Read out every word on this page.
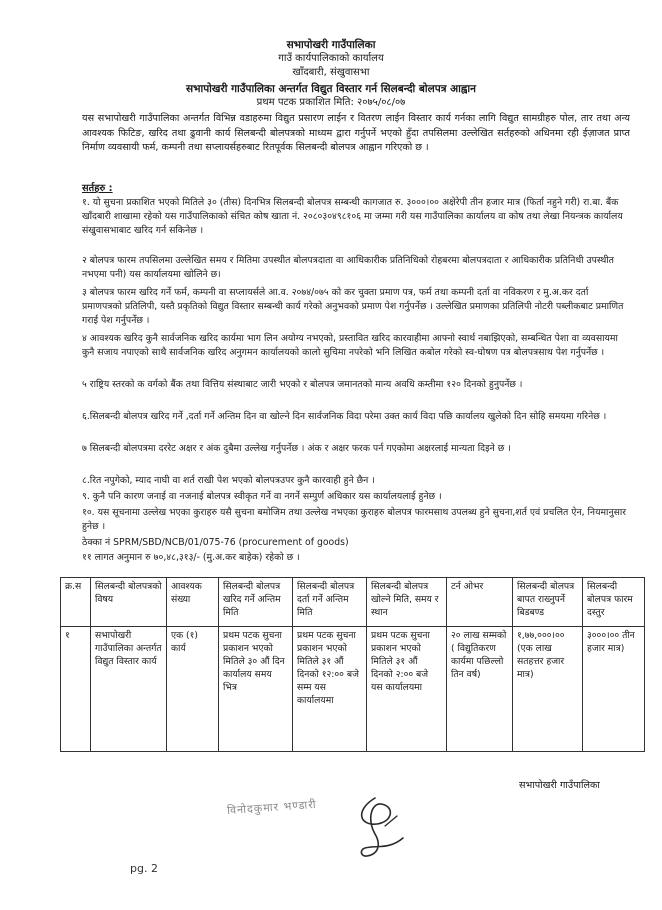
सभापोखरी गाउँपालिका
गाउँ कार्यपालिकाको कार्यालय
खाँदबारी, संखुवासभा
सभापोखरी गाउँपालिका अन्तर्गत विद्युत विस्तार गर्न सिलबन्दी बोलपत्र आह्वान
प्रथम पटक प्रकाशित मिति: २०७५/०८/०७
यस सभापोखरी गाउँपालिका अन्तर्गत विभिन्न वडाहरुमा विद्युत प्रसारण लाईन र वितरण लाईन विस्तार कार्य गर्नका लागि विद्युत सामग्रीहरु पोल, तार तथा अन्य आवश्यक फिटिङ, खरिद तथा ढुवानी कार्य सिलबन्दी बोलपत्रको माध्यम द्वारा गर्नुपर्ने भएको हुँदा तपसिलमा उल्लेखित सर्तहरुको अधिनमा रही ईज़ाजत प्राप्त निर्माण व्यवसायी फर्म, कम्पनी तथा सप्लायर्सहरुबाट रितपूर्वक सिलबन्दी बोलपत्र आह्वान गरिएको छ ।
सर्तहरु :
१. यो सुचना प्रकाशित भएको मितिले ३० (तीस) दिनभित्र सिलबन्दी बोलपत्र सम्बन्धी कागजात रु. ३०००।०० अक्षेरेपी तीन हजार मात्र (फिर्ता नहुने गरी) रा.बा. बैंक खाँदबारी शाखामा रहेको यस गाउँपालिकाको संचित कोष खाता नं. २०८०३०४९८१०६ मा जम्मा गरी यस गाउँपालिका कार्यालय वा कोष तथा लेखा नियन्त्रक कार्यालय संखुवासभाबाट खरिद गर्न सकिनेछ ।
२ बोलपत्र फारम तपसिलमा उल्लेखित समय र मितिमा उपस्थीत बोलपत्रदाता वा आधिकारीक प्रतिनिधिको रोहबरमा बोलपत्रदाता र आधिकारीक प्रतिनिधी उपस्थीत नभएमा पनी) यस कार्यालयमा खोलिने छ।
३ बोलपत्र फारम खरिद गर्ने फर्म, कम्पनी वा सप्लायर्सले आ.व. २०७४/०७५ को कर चुक्ता प्रमाण पत्र, फर्म तथा कम्पनी दर्ता वा नविकरण र मु.अ.कर दर्ता प्रमाणपत्रको प्रतिलिपी, यस्तै प्रकृतिको विद्युत विस्तार सम्बन्धी कार्य गरेको अनुभवको प्रमाण पेश गर्नुपर्नेछ । उल्लेखित प्रमाणका प्रतिलिपी नोटरी पब्लीकबाट प्रमाणित गराई पेश गर्नुपर्नेछ ।
४ आवश्यक खरिद कुनै सार्वजनिक खरिद कार्यमा भाग लिन अयोग्य नभएको, प्रस्तावित खरिद कारवाहीमा आफ्नो स्वार्थ नबाझिएको, सम्बन्धित पेशा वा व्यवसायमा कुनै सजाय नपाएको साथै सार्वजनिक खरिद अनुगमन कार्यालयको कालो सुचिमा नपरेको भनि लिखित कबोल गरेको स्व-घोषण पत्र बोलपत्रसाथ पेश गर्नुपर्नेछ ।
५ राष्ट्रिय स्तरको क वर्गको बैंक तथा वित्तिय संस्थाबाट जारी भएको र बोलपत्र जमानतको मान्य अवधि कम्तीमा १२० दिनको हुनुपर्नेछ ।
६.सिलबन्दी बोलपत्र खरिद गर्ने ,दर्ता गर्ने अन्तिम दिन वा खोल्ने दिन सार्वजनिक विदा परेमा उक्त कार्य विदा पछि कार्यालय खुलेको दिन सोहि समयमा गरिनेछ ।
७ सिलबन्दी बोलपत्रमा दररेट अक्षर र अंक दुबैमा उल्लेख गर्नुपर्नेछ । अंक र अक्षर फरक पर्न गएकोमा अक्षरलाई मान्यता दिइने छ ।
८.रित नपुगेको, म्याद नाघी वा शर्त राखी पेश भएको बोलपत्रउपर कुनै कारवाही हुने छैन ।
९. कुनै पनि कारण जनाई वा नजनाई बोलपत्र स्वीकृत गर्ने वा नगर्ने सम्पुर्ण अधिकार यस कार्यालयलाई हुनेछ ।
१०. यस सूचनामा उल्लेख भएका कुराहरु यसै सुचना बमोजिम तथा उल्लेख नभएका कुराहरु बोलपत्र फारमसाथ उपलब्ध हुने सुचना,शर्त एवं प्रचलित ऐन, नियमानुसार हुनेछ ।
ठेक्का नं SPRM/SBD/NCB/01/075-76 (procurement of goods)
११ लागत अनुमान रु ७०,४८,३१३/- (मु.अ.कर बाहेक) रहेको छ ।
क्र.स	सिलबन्दी बोलपत्रको विषय	आवश्यक संख्या	सिलबन्दी बोलपत्र खरिद गर्ने अन्तिम मिति	सिलबन्दी बोलपत्र दर्ता गर्ने अन्तिम मिति	सिलबन्दी बोलपत्र खोल्ने मिति, समय र स्थान	टर्न ओभर	सिलबन्दी बोलपत्र बापत राख्नुपर्ने बिडबण्ड	सिलबन्दी बोलपत्र फारम दस्तुर
१	सभापोखरी गाउँपालिका अन्तर्गत विद्युत विस्तार कार्य	एक (१) कार्य	प्रथम पटक सुचना प्रकाशन भएको मितिले ३० औं दिन कार्यालय समय भित्र	प्रथम पटक सुचना प्रकाशन भएको मितिले ३१ औं दिनको १२:०० बजे सम्म यस कार्यालयमा	प्रथम पटक सुचना प्रकाशन भएको मितिले ३१ औं दिनको २:०० बजे यस कार्यालयमा	२० लाख सम्मको ( विद्युतिकरण कार्यमा पछिल्लो तिन वर्ष)	१,७७,०००।०० (एक लाख सतहत्तर हजार मात्र)	३०००।०० तीन हजार मात्र)
सभापोखरी गाउँपालिका
विनोदकुमार भण्डारी
pg. 2
